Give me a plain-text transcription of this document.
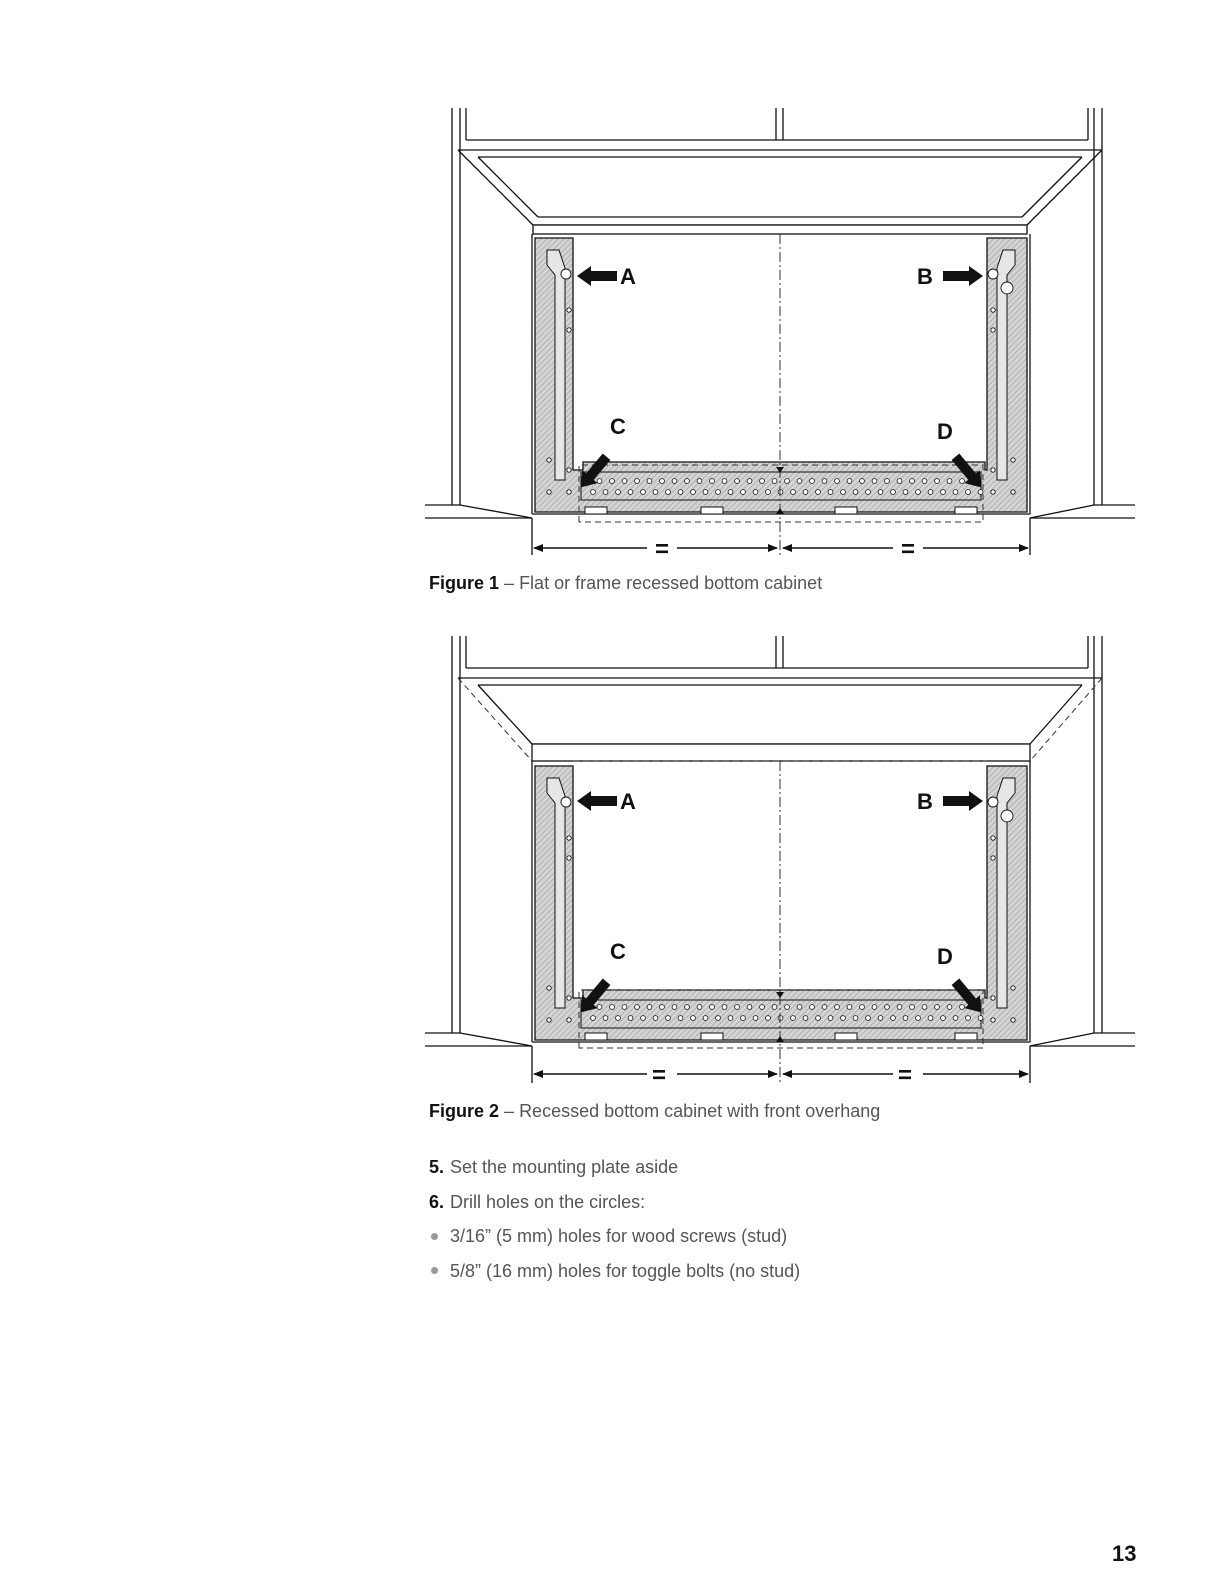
A	B
C	D
=	=
Figure 1 – Flat or frame recessed bottom cabinet
A	B
C	D
=	=
Figure 2 – Recessed bottom cabinet with front overhang
5. Set the mounting plate aside
6. Drill holes on the circles:
3/16” (5 mm) holes for wood screws (stud)
5/8” (16 mm) holes for toggle bolts (no stud)
13
